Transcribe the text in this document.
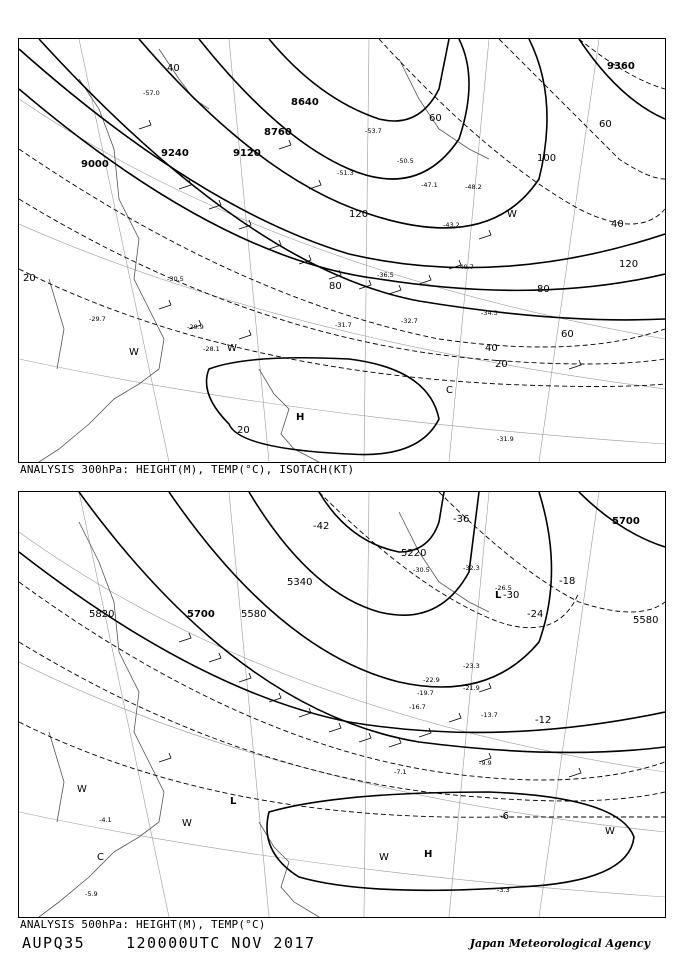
9360
9240	9120
9000
8640
8760
40
60
80
100
120
80
60
40
20
20
20
40
60
120
H
W	W
W
C
-29.7
-30.5
-31.7	-32.7
-34.3
-36.5
-40.7
-43.2
-47.1	-48.2
-50.5
-51.3
-53.7
-57.0
-31.9
-29.9
-28.1
ANALYSIS 300hPa: HEIGHT(M), TEMP(°C), ISOTACH(KT)
5820	5700	5580
5340
5220
5700
5580
-42
-36
-30
-24
-18
-12
-6
L
L
H
W
W
W
W
C
-7.1
-9.9
-13.7
-19.7
-21.9
-22.9
-23.3
-3.3
-4.1
-5.9
-16.7
-26.5
-30.5	-32.3
ANALYSIS 500hPa: HEIGHT(M), TEMP(°C)
AUPQ35	120000UTC NOV 2017	Japan Meteorological Agency
